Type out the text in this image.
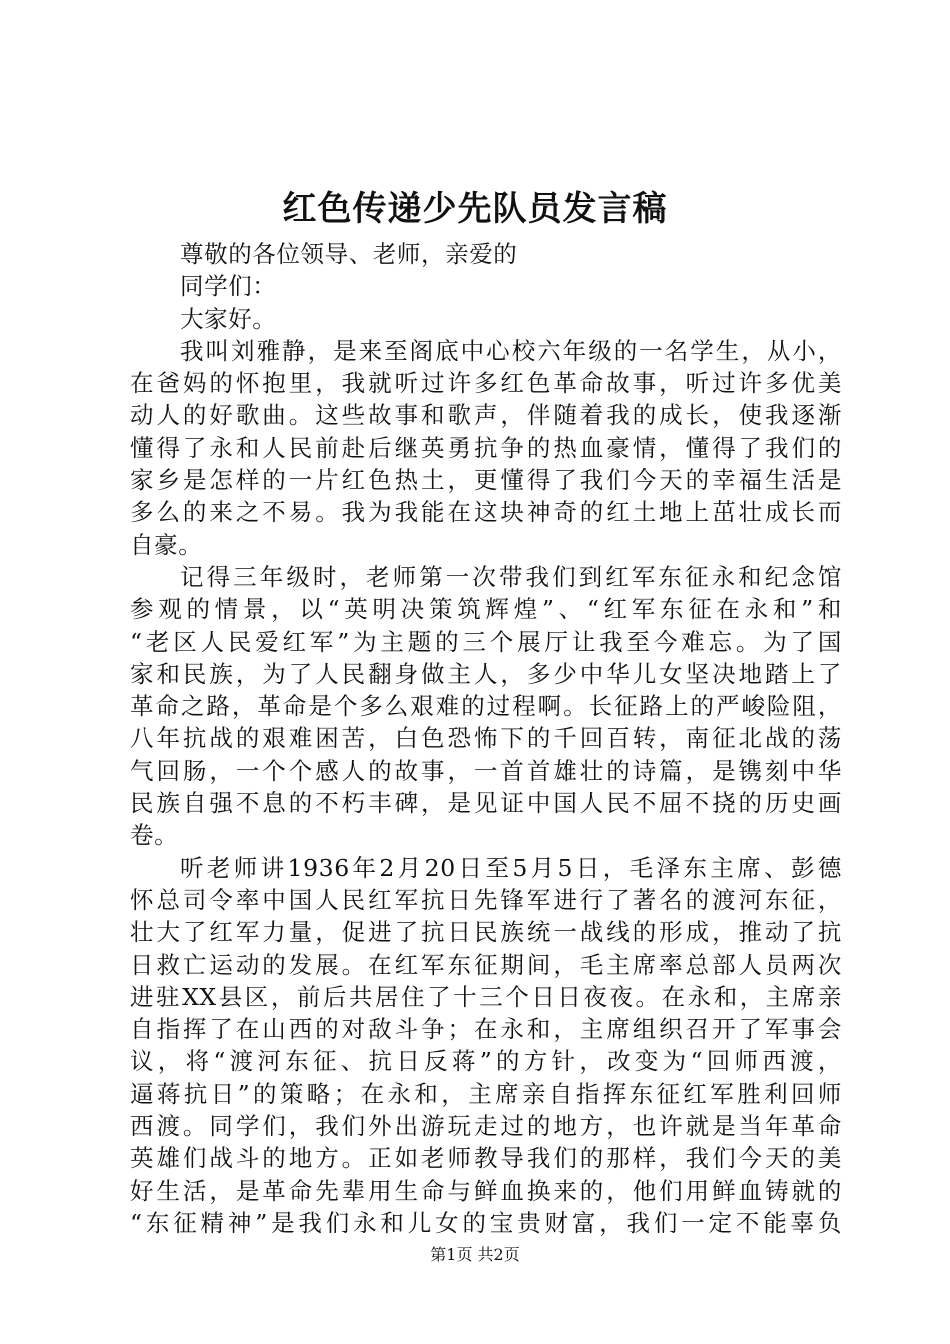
红色传递少先队员发言稿
尊敬的各位领导、老师，亲爱的
同学们：
大家好。
我叫刘雅静，是来至阁底中心校六年级的一名学生，从小，
在爸妈的怀抱里，我就听过许多红色革命故事，听过许多优美
动人的好歌曲。这些故事和歌声，伴随着我的成长，使我逐渐
懂得了永和人民前赴后继英勇抗争的热血豪情，懂得了我们的
家乡是怎样的一片红色热土，更懂得了我们今天的幸福生活是
多么的来之不易。我为我能在这块神奇的红土地上茁壮成长而
自豪。
记得三年级时，老师第一次带我们到红军东征永和纪念馆
参观的情景，以“英明决策筑辉煌”、“红军东征在永和”和
“老区人民爱红军”为主题的三个展厅让我至今难忘。为了国
家和民族，为了人民翻身做主人，多少中华儿女坚决地踏上了
革命之路，革命是个多么艰难的过程啊。长征路上的严峻险阻，
八年抗战的艰难困苦，白色恐怖下的千回百转，南征北战的荡
气回肠，一个个感人的故事，一首首雄壮的诗篇，是镌刻中华
民族自强不息的不朽丰碑，是见证中国人民不屈不挠的历史画
卷。
听老师讲1936年2月20日至5月5日，毛泽东主席、彭德
怀总司令率中国人民红军抗日先锋军进行了著名的渡河东征，
壮大了红军力量，促进了抗日民族统一战线的形成，推动了抗
日救亡运动的发展。在红军东征期间，毛主席率总部人员两次
进驻XX县区，前后共居住了十三个日日夜夜。在永和，主席亲
自指挥了在山西的对敌斗争；在永和，主席组织召开了军事会
议，将“渡河东征、抗日反蒋”的方针，改变为“回师西渡，
逼蒋抗日”的策略；在永和，主席亲自指挥东征红军胜利回师
西渡。同学们，我们外出游玩走过的地方，也许就是当年革命
英雄们战斗的地方。正如老师教导我们的那样，我们今天的美
好生活，是革命先辈用生命与鲜血换来的，他们用鲜血铸就的
“东征精神”是我们永和儿女的宝贵财富，我们一定不能辜负
第1页 共2页
